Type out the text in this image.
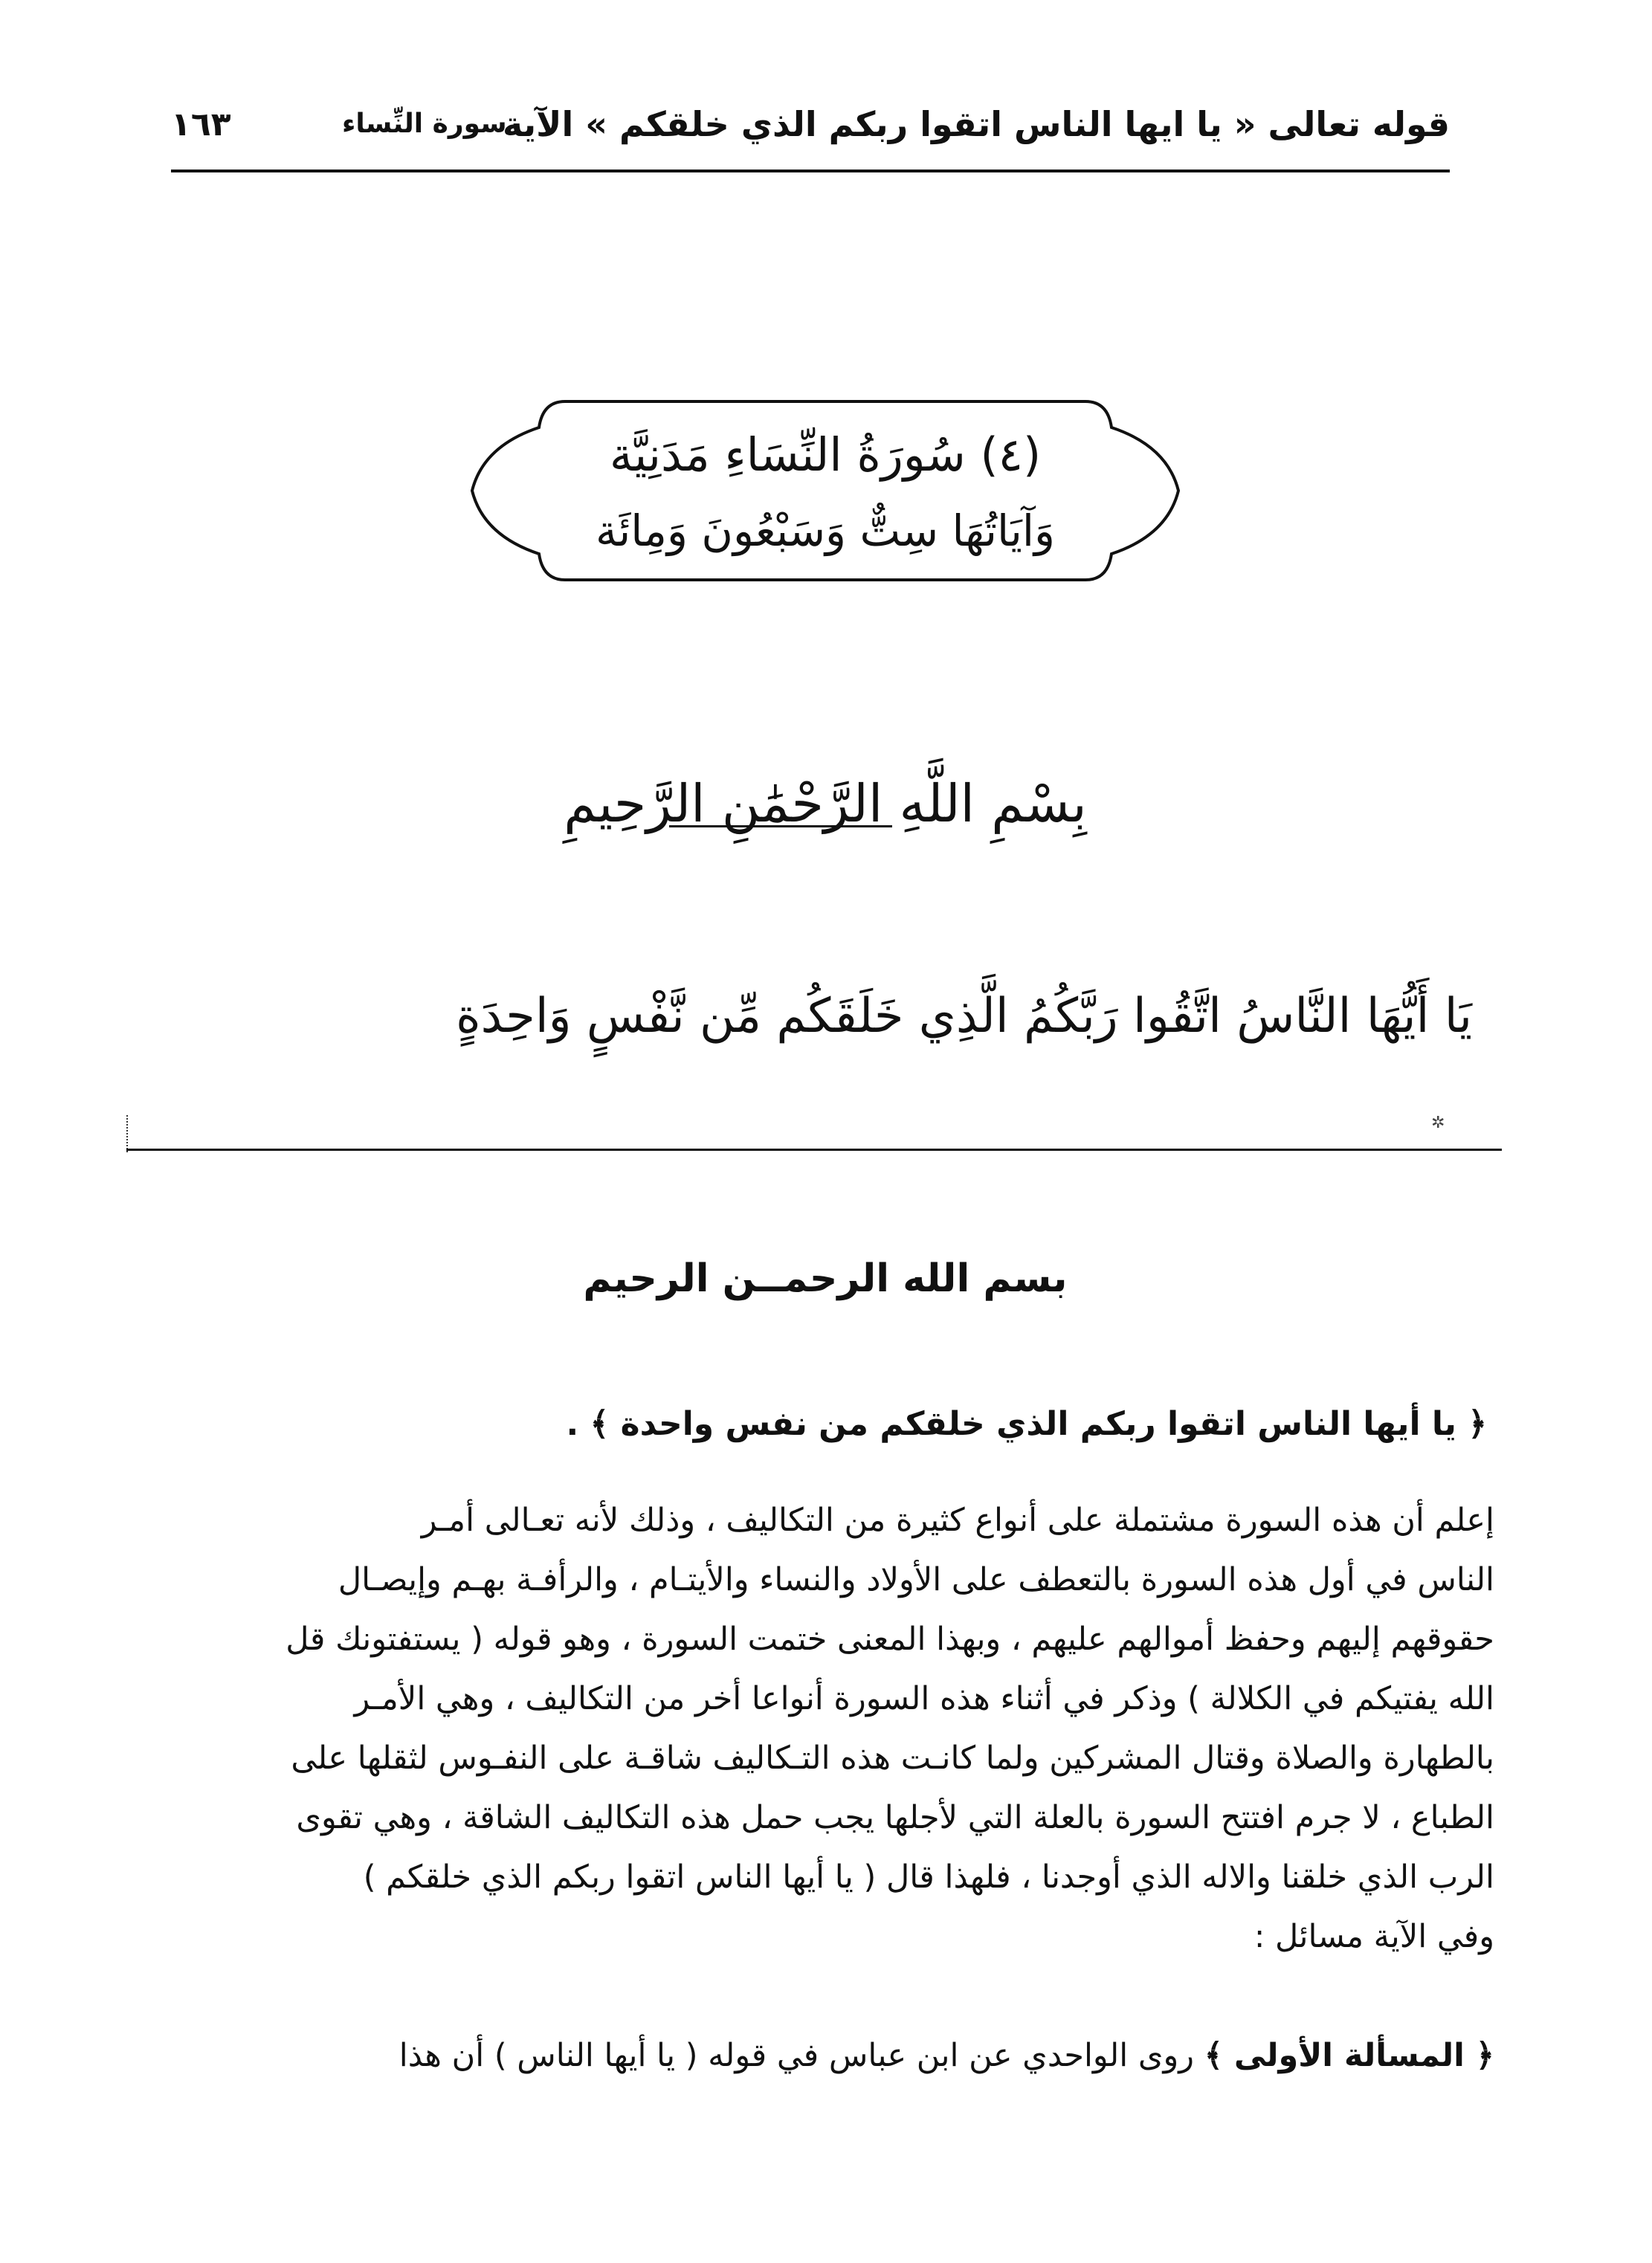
قوله تعالى « يا ايها الناس اتقوا ربكم الذي خلقكم » الآية
سورة النِّساء
١٦٣
(٤) سُورَةُ النِّسَاءِ مَدَنِيَّة
وَآيَاتُهَا سِتٌّ وَسَبْعُونَ وَمِائَة
بِسْمِ اللَّهِ الرَّحْمَٰنِ الرَّحِيمِ
يَا أَيُّهَا النَّاسُ اتَّقُوا رَبَّكُمُ الَّذِي خَلَقَكُم مِّن نَّفْسٍ وَاحِدَةٍ
✲
بسم الله الرحمــن الرحيم
﴿ يا أيها الناس اتقوا ربكم الذي خلقكم من نفس واحدة ﴾ .
إعلم أن هذه السورة مشتملة على أنواع كثيرة من التكاليف ، وذلك لأنه تعـالى أمـر
الناس في أول هذه السورة بالتعطف على الأولاد والنساء والأيتـام ، والرأفـة بهـم وإيصـال
حقوقهم إليهم وحفظ أموالهم عليهم ، وبهذا المعنى ختمت السورة ، وهو قوله ( يستفتونك قل
الله يفتيكم في الكلالة ) وذكر في أثناء هذه السورة أنواعا أخر من التكاليف ، وهي الأمـر
بالطهارة والصلاة وقتال المشركين ولما كانـت هذه التـكاليف شاقـة على النفـوس لثقلها على
الطباع ، لا جرم افتتح السورة بالعلة التي لأجلها يجب حمل هذه التكاليف الشاقة ، وهي تقوى
الرب الذي خلقنا والاله الذي أوجدنا ، فلهذا قال ( يا أيها الناس اتقوا ربكم الذي خلقكم )
وفي الآية مسائل :
﴿ المسألة الأولى ﴾ روى الواحدي عن ابن عباس في قوله ( يا أيها الناس ) أن هذا
